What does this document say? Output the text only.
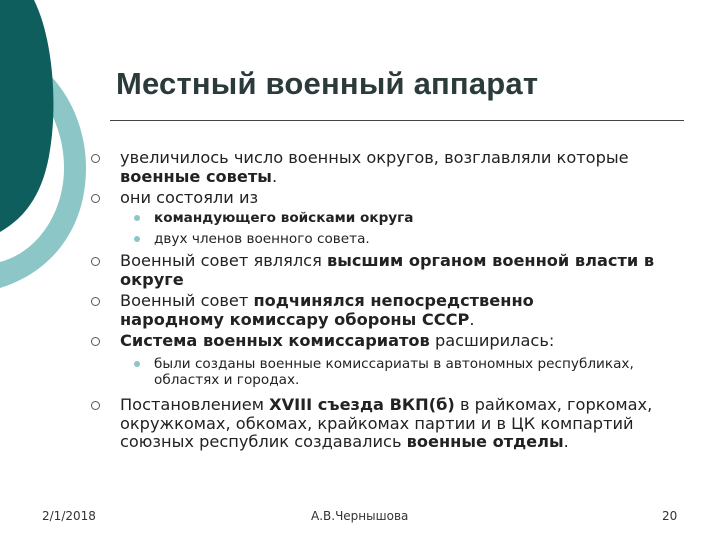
Местный военный аппарат
увеличилось число военных округов, возглавляли которые военные советы.
они состояли из
командующего войсками округа
двух членов военного совета.
Военный совет являлся высшим органом военной власти в округе
Военный совет подчинялся непосредственно народному комиссару обороны СССР.
Система военных комиссариатов расширилась:
были созданы военные комиссариаты в автономных республиках, областях и городах.
Постановлением XVIII съезда ВКП(б) в райкомах, горкомах, окружкомах, обкомах, крайкомах партии и в ЦК компартий союзных республик создавались военные отделы.
2/1/2018	А.В.Чернышова	20
